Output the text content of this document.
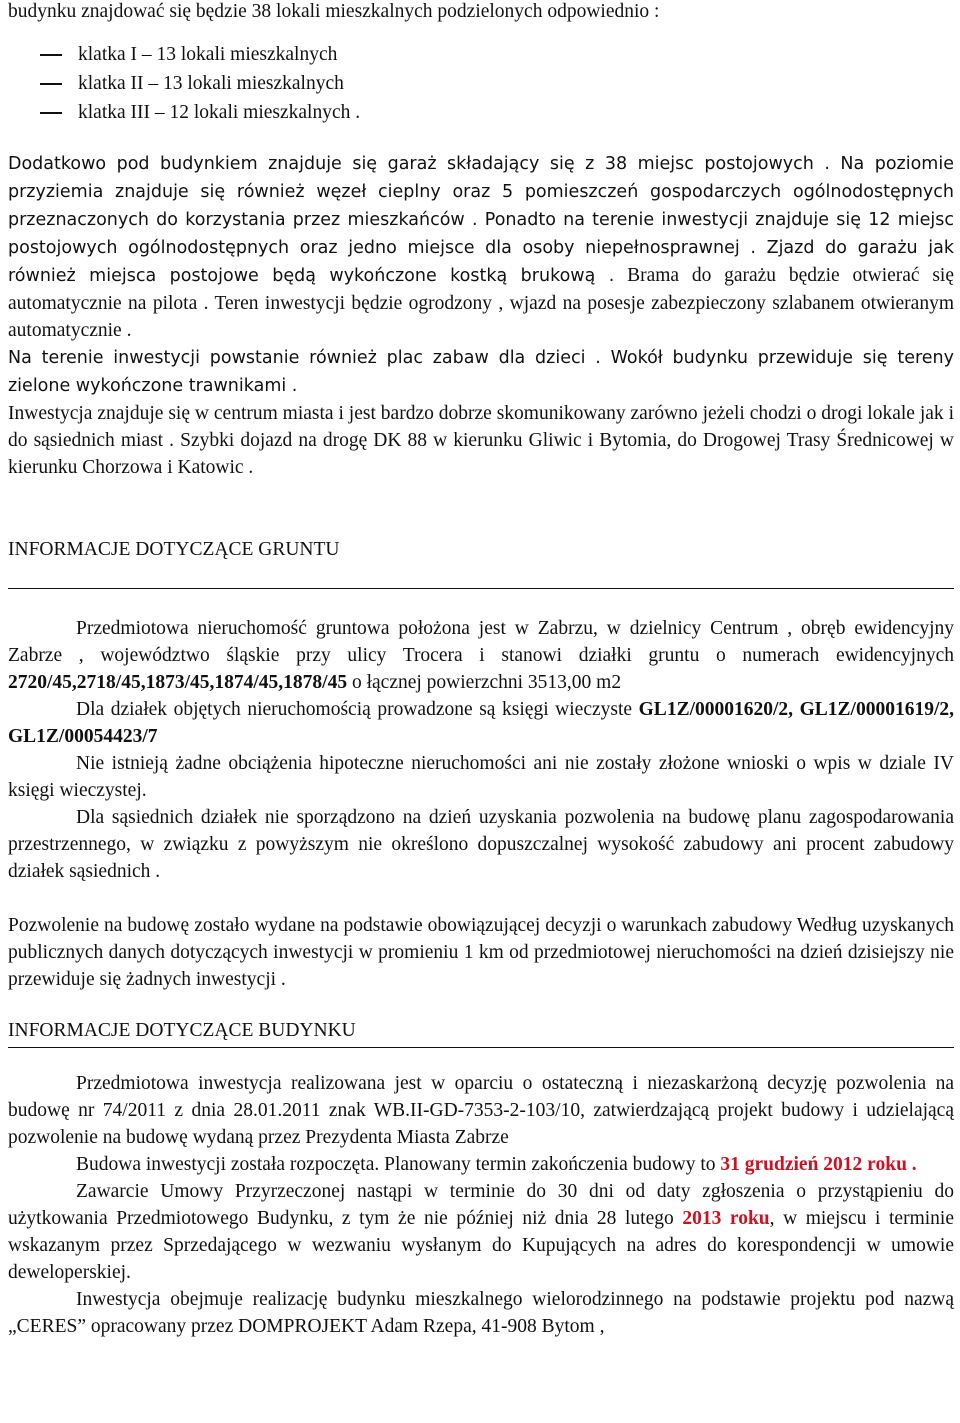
budynku znajdować się będzie 38 lokali mieszkalnych podzielonych odpowiednio :

klatka I – 13 lokali mieszkalnych
klatka II – 13 lokali mieszkalnych
klatka III – 12 lokali mieszkalnych .

Dodatkowo pod budynkiem znajduje się garaż składający się z 38 miejsc postojowych . Na poziomie przyziemia znajduje się również węzeł cieplny oraz 5 pomieszczeń gospodarczych ogólnodostępnych przeznaczonych do korzystania przez mieszkańców . Ponadto na terenie inwestycji znajduje się 12 miejsc postojowych ogólnodostępnych oraz jedno miejsce dla osoby niepełnosprawnej . Zjazd do garażu jak również miejsca postojowe będą wykończone kostką brukową . Brama do garażu będzie otwierać się automatycznie na pilota . Teren inwestycji będzie ogrodzony , wjazd na posesje zabezpieczony szlabanem otwieranym automatycznie .

Na terenie inwestycji powstanie również plac zabaw dla dzieci . Wokół budynku przewiduje się tereny zielone wykończone trawnikami .

Inwestycja znajduje się w centrum miasta i jest bardzo dobrze skomunikowany zarówno jeżeli chodzi o drogi lokale jak i do sąsiednich miast . Szybki dojazd na drogę DK 88 w kierunku Gliwic i Bytomia, do Drogowej Trasy Średnicowej w kierunku Chorzowa i Katowic .

INFORMACJE DOTYCZĄCE GRUNTU

Przedmiotowa nieruchomość gruntowa położona jest w Zabrzu, w dzielnicy Centrum , obręb ewidencyjny Zabrze , województwo śląskie przy ulicy Trocera i stanowi działki gruntu o numerach ewidencyjnych 2720/45,2718/45,1873/45,1874/45,1878/45 o łącznej powierzchni 3513,00 m2

Dla działek objętych nieruchomością prowadzone są księgi wieczyste GL1Z/00001620/2, GL1Z/00001619/2, GL1Z/00054423/7

Nie istnieją żadne obciążenia hipoteczne nieruchomości ani nie zostały złożone wnioski o wpis w dziale IV księgi wieczystej.

Dla sąsiednich działek nie sporządzono na dzień uzyskania pozwolenia na budowę planu zagospodarowania przestrzennego, w związku z powyższym nie określono dopuszczalnej wysokość zabudowy ani procent zabudowy działek sąsiednich .

Pozwolenie na budowę zostało wydane na podstawie obowiązującej decyzji o warunkach zabudowy Według uzyskanych publicznych danych dotyczących inwestycji w promieniu 1 km od przedmiotowej nieruchomości na dzień dzisiejszy nie przewiduje się żadnych inwestycji .

INFORMACJE DOTYCZĄCE BUDYNKU

Przedmiotowa inwestycja realizowana jest w oparciu o ostateczną i niezaskarżoną decyzję pozwolenia na budowę nr 74/2011 z dnia 28.01.2011 znak WB.II-GD-7353-2-103/10, zatwierdzającą projekt budowy i udzielającą pozwolenie na budowę wydaną przez Prezydenta Miasta Zabrze

Budowa inwestycji została rozpoczęta. Planowany termin zakończenia budowy to 31 grudzień 2012 roku .

Zawarcie Umowy Przyrzeczonej nastąpi w terminie do 30 dni od daty zgłoszenia o przystąpieniu do użytkowania Przedmiotowego Budynku, z tym że nie później niż dnia 28 lutego 2013 roku, w miejscu i terminie wskazanym przez Sprzedającego w wezwaniu wysłanym do Kupujących na adres do korespondencji w umowie deweloperskiej.

Inwestycja obejmuje realizację budynku mieszkalnego wielorodzinnego na podstawie projektu pod nazwą „CERES” opracowany przez DOMPROJEKT Adam Rzepa, 41-908 Bytom ,
